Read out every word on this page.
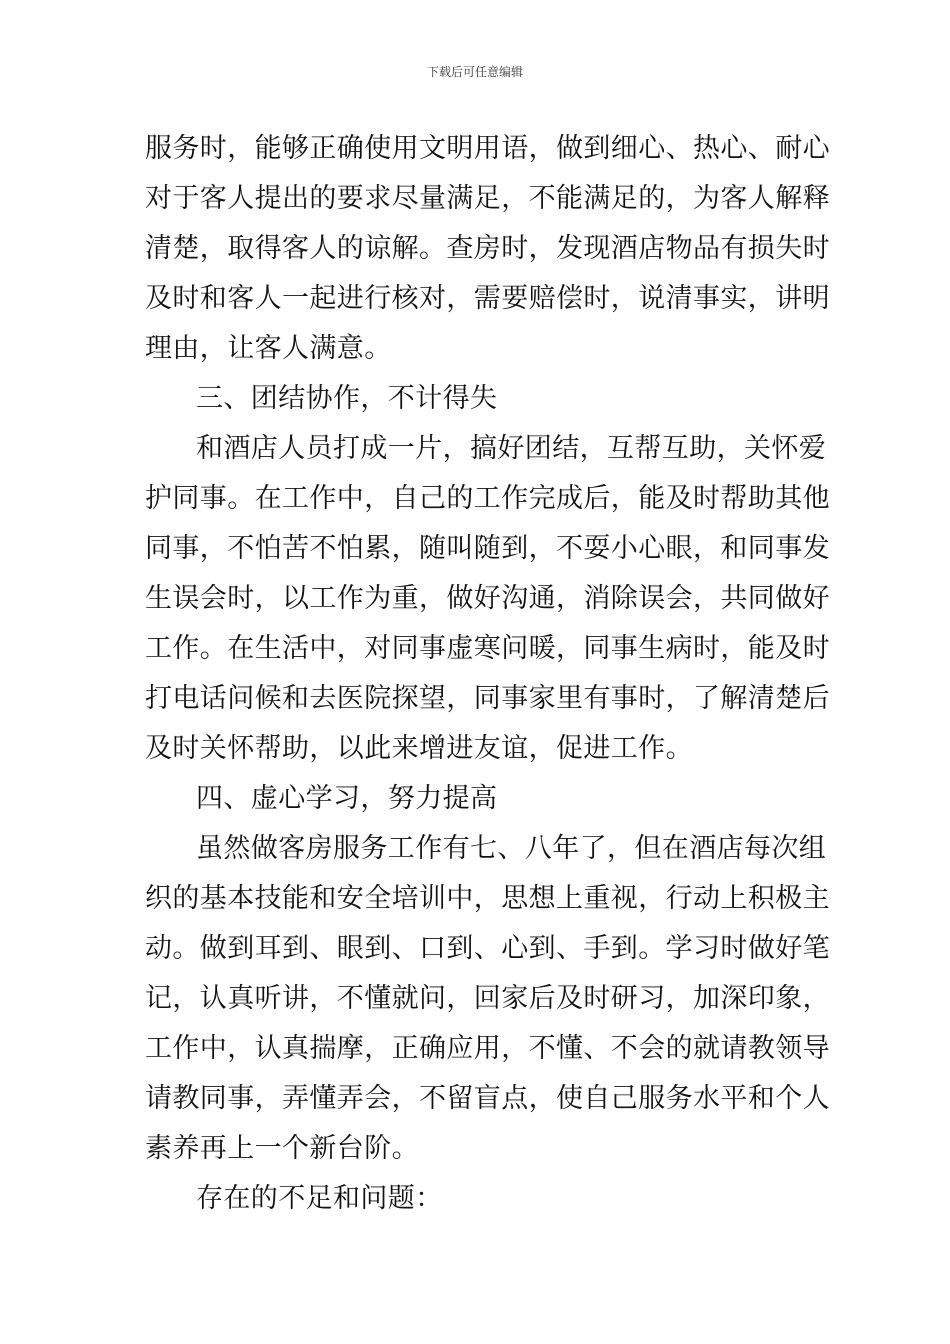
下载后可任意编辑
服务时，能够正确使用文明用语，做到细心、热心、耐心
对于客人提出的要求尽量满足，不能满足的，为客人解释
清楚，取得客人的谅解。查房时，发现酒店物品有损失时
及时和客人一起进行核对，需要赔偿时，说清事实，讲明
理由，让客人满意。
三、团结协作，不计得失
和酒店人员打成一片，搞好团结，互帮互助，关怀爱
护同事。在工作中，自己的工作完成后，能及时帮助其他
同事，不怕苦不怕累，随叫随到，不耍小心眼，和同事发
生误会时，以工作为重，做好沟通，消除误会，共同做好
工作。在生活中，对同事虚寒问暖，同事生病时，能及时
打电话问候和去医院探望，同事家里有事时，了解清楚后
及时关怀帮助，以此来增进友谊，促进工作。
四、虚心学习，努力提高
虽然做客房服务工作有七、八年了，但在酒店每次组
织的基本技能和安全培训中，思想上重视，行动上积极主
动。做到耳到、眼到、口到、心到、手到。学习时做好笔
记，认真听讲，不懂就问，回家后及时研习，加深印象，
工作中，认真揣摩，正确应用，不懂、不会的就请教领导
请教同事，弄懂弄会，不留盲点，使自己服务水平和个人
素养再上一个新台阶。
存在的不足和问题：
